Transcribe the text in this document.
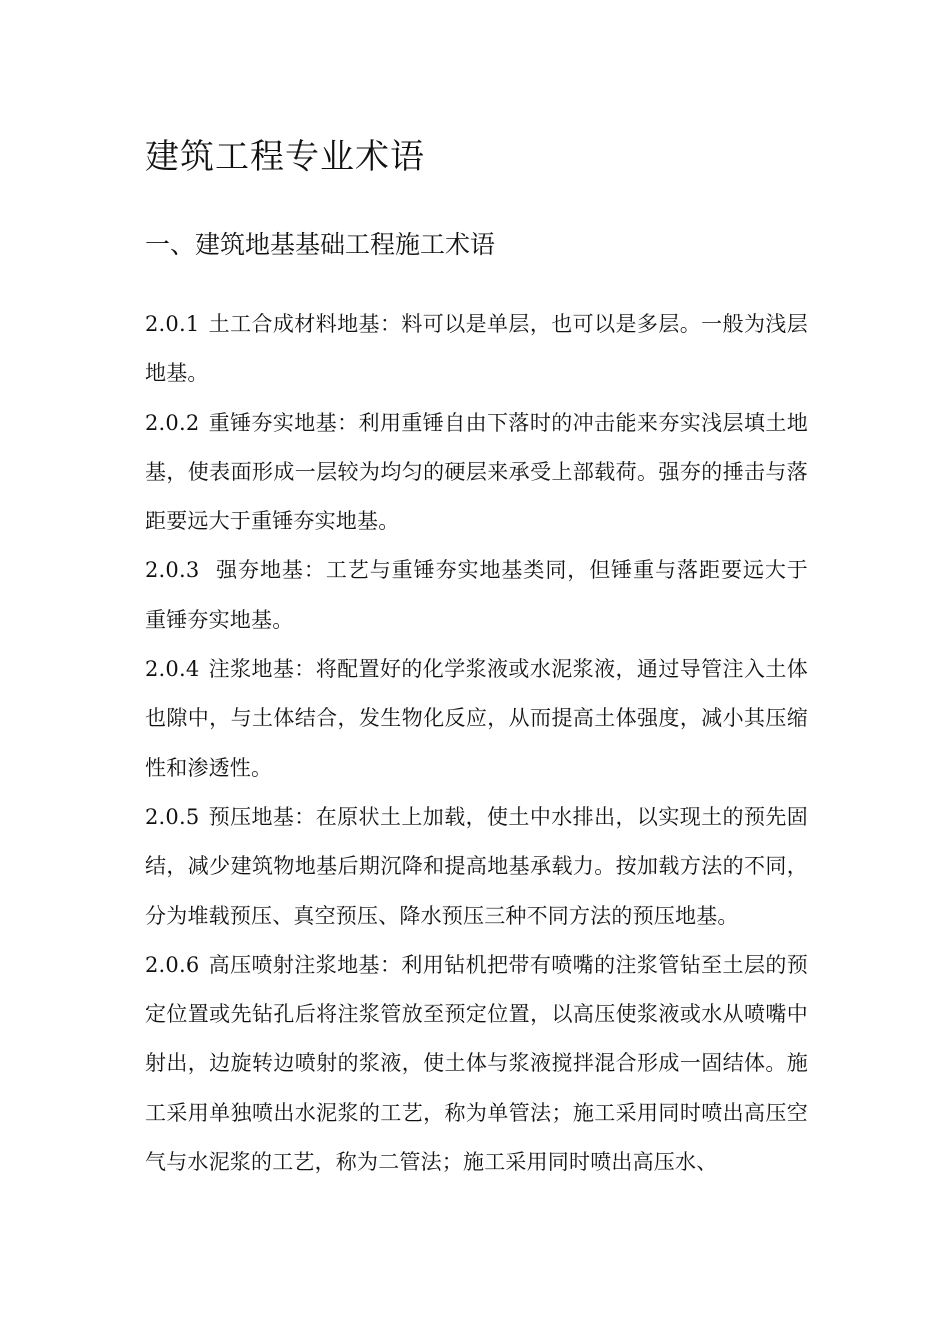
建筑工程专业术语
一、建筑地基基础工程施工术语

2.0.1 土工合成材料地基：料可以是单层，也可以是多层。一般为浅层地基。

2.0.2 重锤夯实地基：利用重锤自由下落时的冲击能来夯实浅层填土地基，使表面形成一层较为均匀的硬层来承受上部载荷。强夯的捶击与落距要远大于重锤夯实地基。

2.0.3 强夯地基：工艺与重锤夯实地基类同，但锤重与落距要远大于重锤夯实地基。

2.0.4 注浆地基：将配置好的化学浆液或水泥浆液，通过导管注入土体也隙中，与土体结合，发生物化反应，从而提高土体强度，减小其压缩性和渗透性。

2.0.5 预压地基：在原状土上加载，使土中水排出，以实现土的预先固结，减少建筑物地基后期沉降和提高地基承载力。按加载方法的不同，分为堆载预压、真空预压、降水预压三种不同方法的预压地基。

2.0.6 高压喷射注浆地基：利用钻机把带有喷嘴的注浆管钻至土层的预定位置或先钻孔后将注浆管放至预定位置，以高压使浆液或水从喷嘴中射出，边旋转边喷射的浆液，使土体与浆液搅拌混合形成一固结体。施工采用单独喷出水泥浆的工艺，称为单管法；施工采用同时喷出高压空气与水泥浆的工艺，称为二管法；施工采用同时喷出高压水、
